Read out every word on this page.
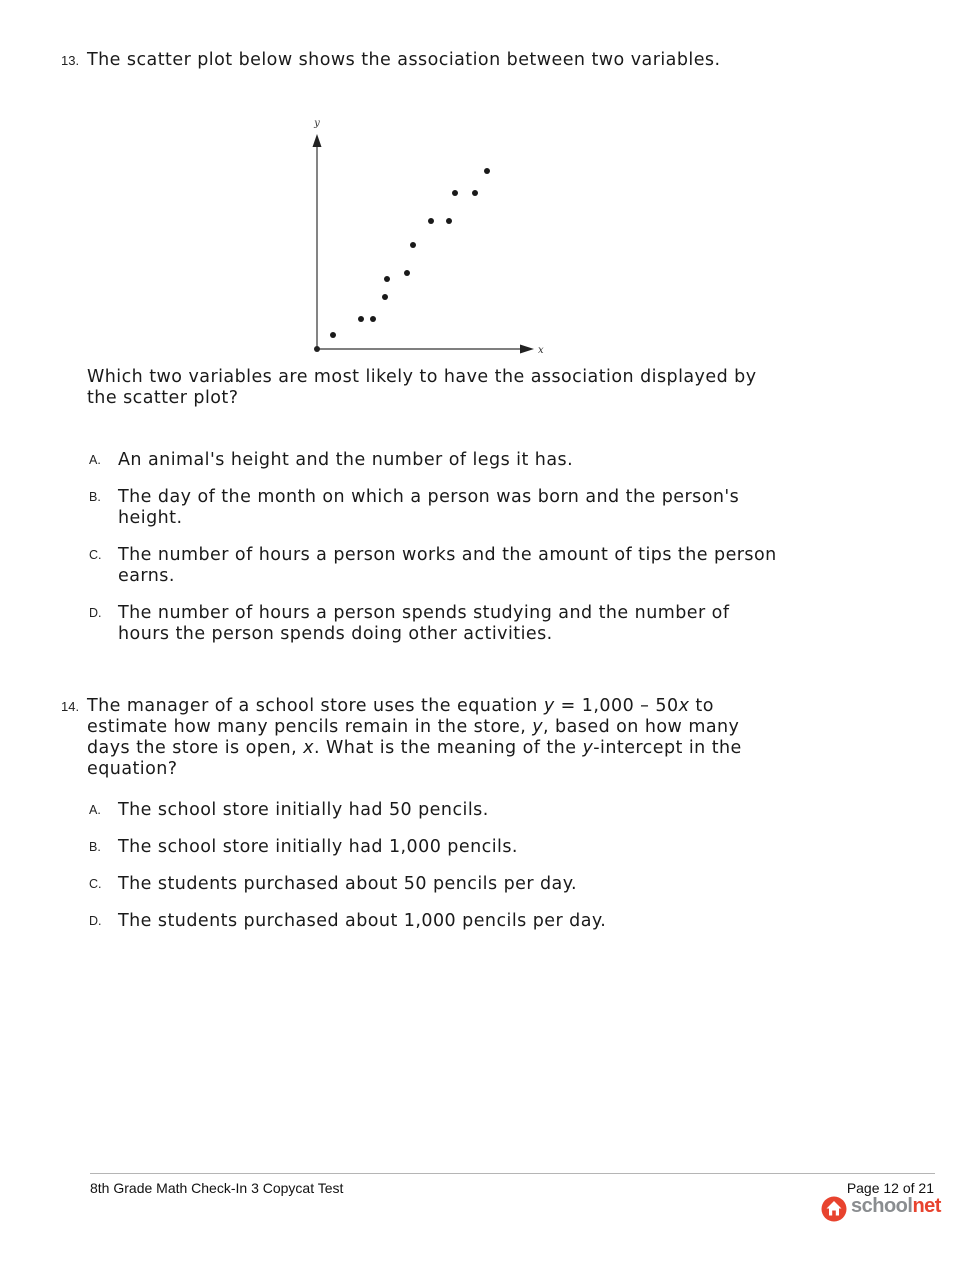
13. The scatter plot below shows the association between two variables.
y
x
Which two variables are most likely to have the association displayed by the scatter plot?
A. An animal's height and the number of legs it has.
B. The day of the month on which a person was born and the person's height.
C. The number of hours a person works and the amount of tips the person earns.
D. The number of hours a person spends studying and the number of hours the person spends doing other activities.
14. The manager of a school store uses the equation y = 1,000 – 50x to estimate how many pencils remain in the store, y, based on how many days the store is open, x. What is the meaning of the y-intercept in the equation?
A. The school store initially had 50 pencils.
B. The school store initially had 1,000 pencils.
C. The students purchased about 50 pencils per day.
D. The students purchased about 1,000 pencils per day.
8th Grade Math Check-In 3 Copycat Test	Page 12 of 21
schoolnet
